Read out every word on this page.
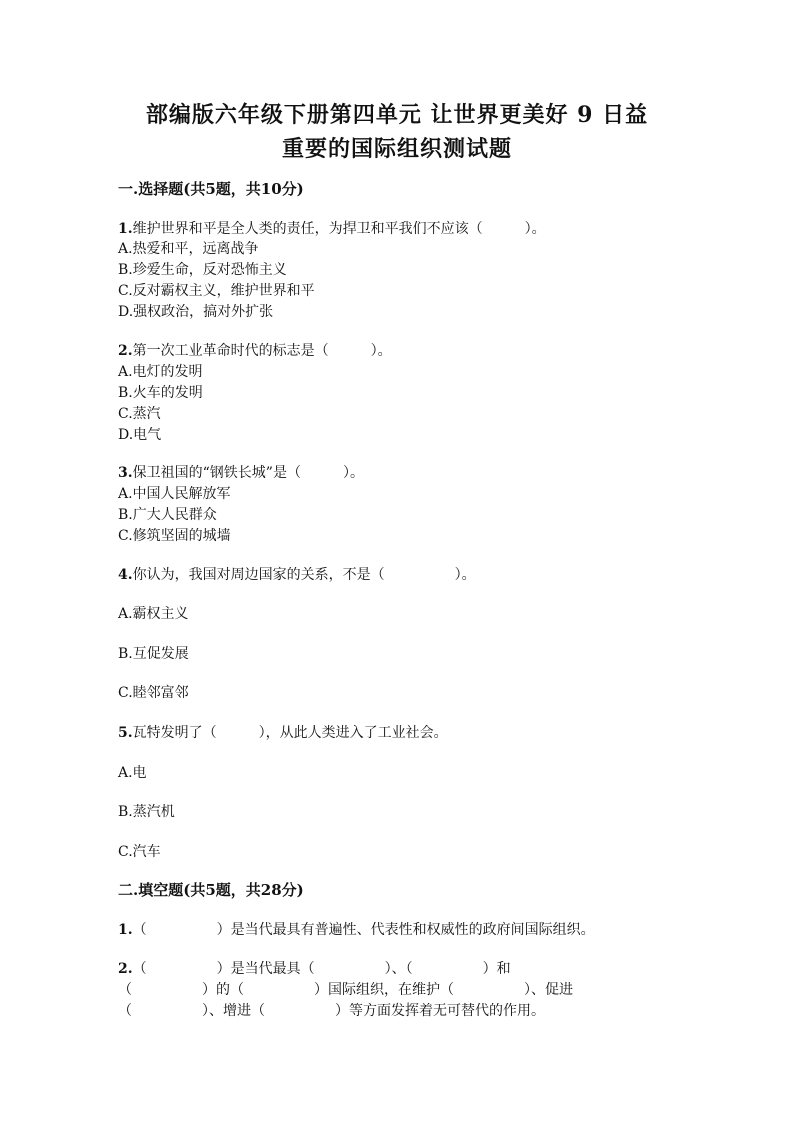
部编版六年级下册第四单元 让世界更美好 9 日益
重要的国际组织测试题
一.选择题(共5题，共10分)
1.维护世界和平是全人类的责任，为捍卫和平我们不应该（　　　）。
A.热爱和平，远离战争
B.珍爱生命，反对恐怖主义
C.反对霸权主义，维护世界和平
D.强权政治，搞对外扩张
2.第一次工业革命时代的标志是（　　　）。
A.电灯的发明
B.火车的发明
C.蒸汽
D.电气
3.保卫祖国的“钢铁长城”是（　　　）。
A.中国人民解放军
B.广大人民群众
C.修筑坚固的城墙
4.你认为，我国对周边国家的关系，不是（　　　　　）。
A.霸权主义
B.互促发展
C.睦邻富邻
5.瓦特发明了（　　　），从此人类进入了工业社会。
A.电
B.蒸汽机
C.汽车
二.填空题(共5题，共28分)
1.（　　　　　）是当代最具有普遍性、代表性和权威性的政府间国际组织。
2.（　　　　　）是当代最具（　　　　　）、（　　　　　）和
（　　　　　）的（　　　　　）国际组织，在维护（　　　　　）、促进
（　　　　　）、增进（　　　　　）等方面发挥着无可替代的作用。
